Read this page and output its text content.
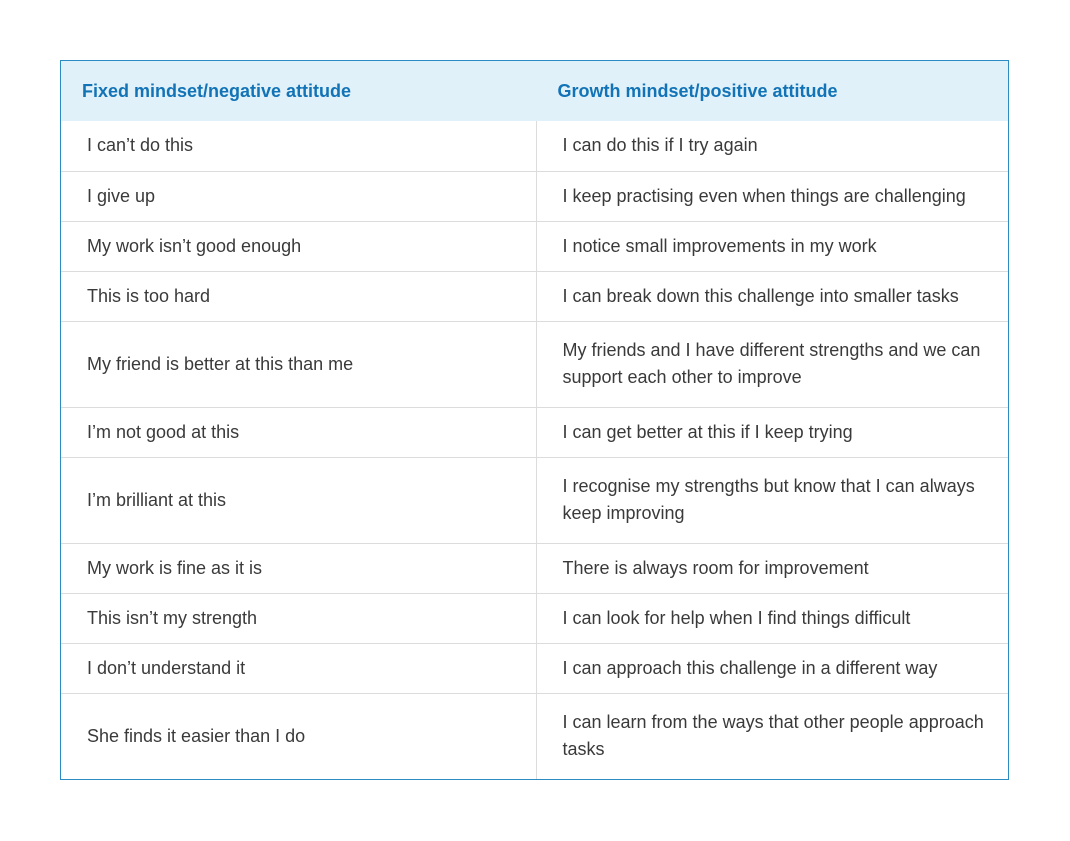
Fixed mindset/negative attitude	Growth mindset/positive attitude
I can’t do this	I can do this if I try again
I give up	I keep practising even when things are challenging
My work isn’t good enough	I notice small improvements in my work
This is too hard	I can break down this challenge into smaller tasks
My friend is better at this than me	My friends and I have different strengths and we can support each other to improve
I’m not good at this	I can get better at this if I keep trying
I’m brilliant at this	I recognise my strengths but know that I can always keep improving
My work is fine as it is	There is always room for improvement
This isn’t my strength	I can look for help when I find things difficult
I don’t understand it	I can approach this challenge in a different way
She finds it easier than I do	I can learn from the ways that other people approach tasks
